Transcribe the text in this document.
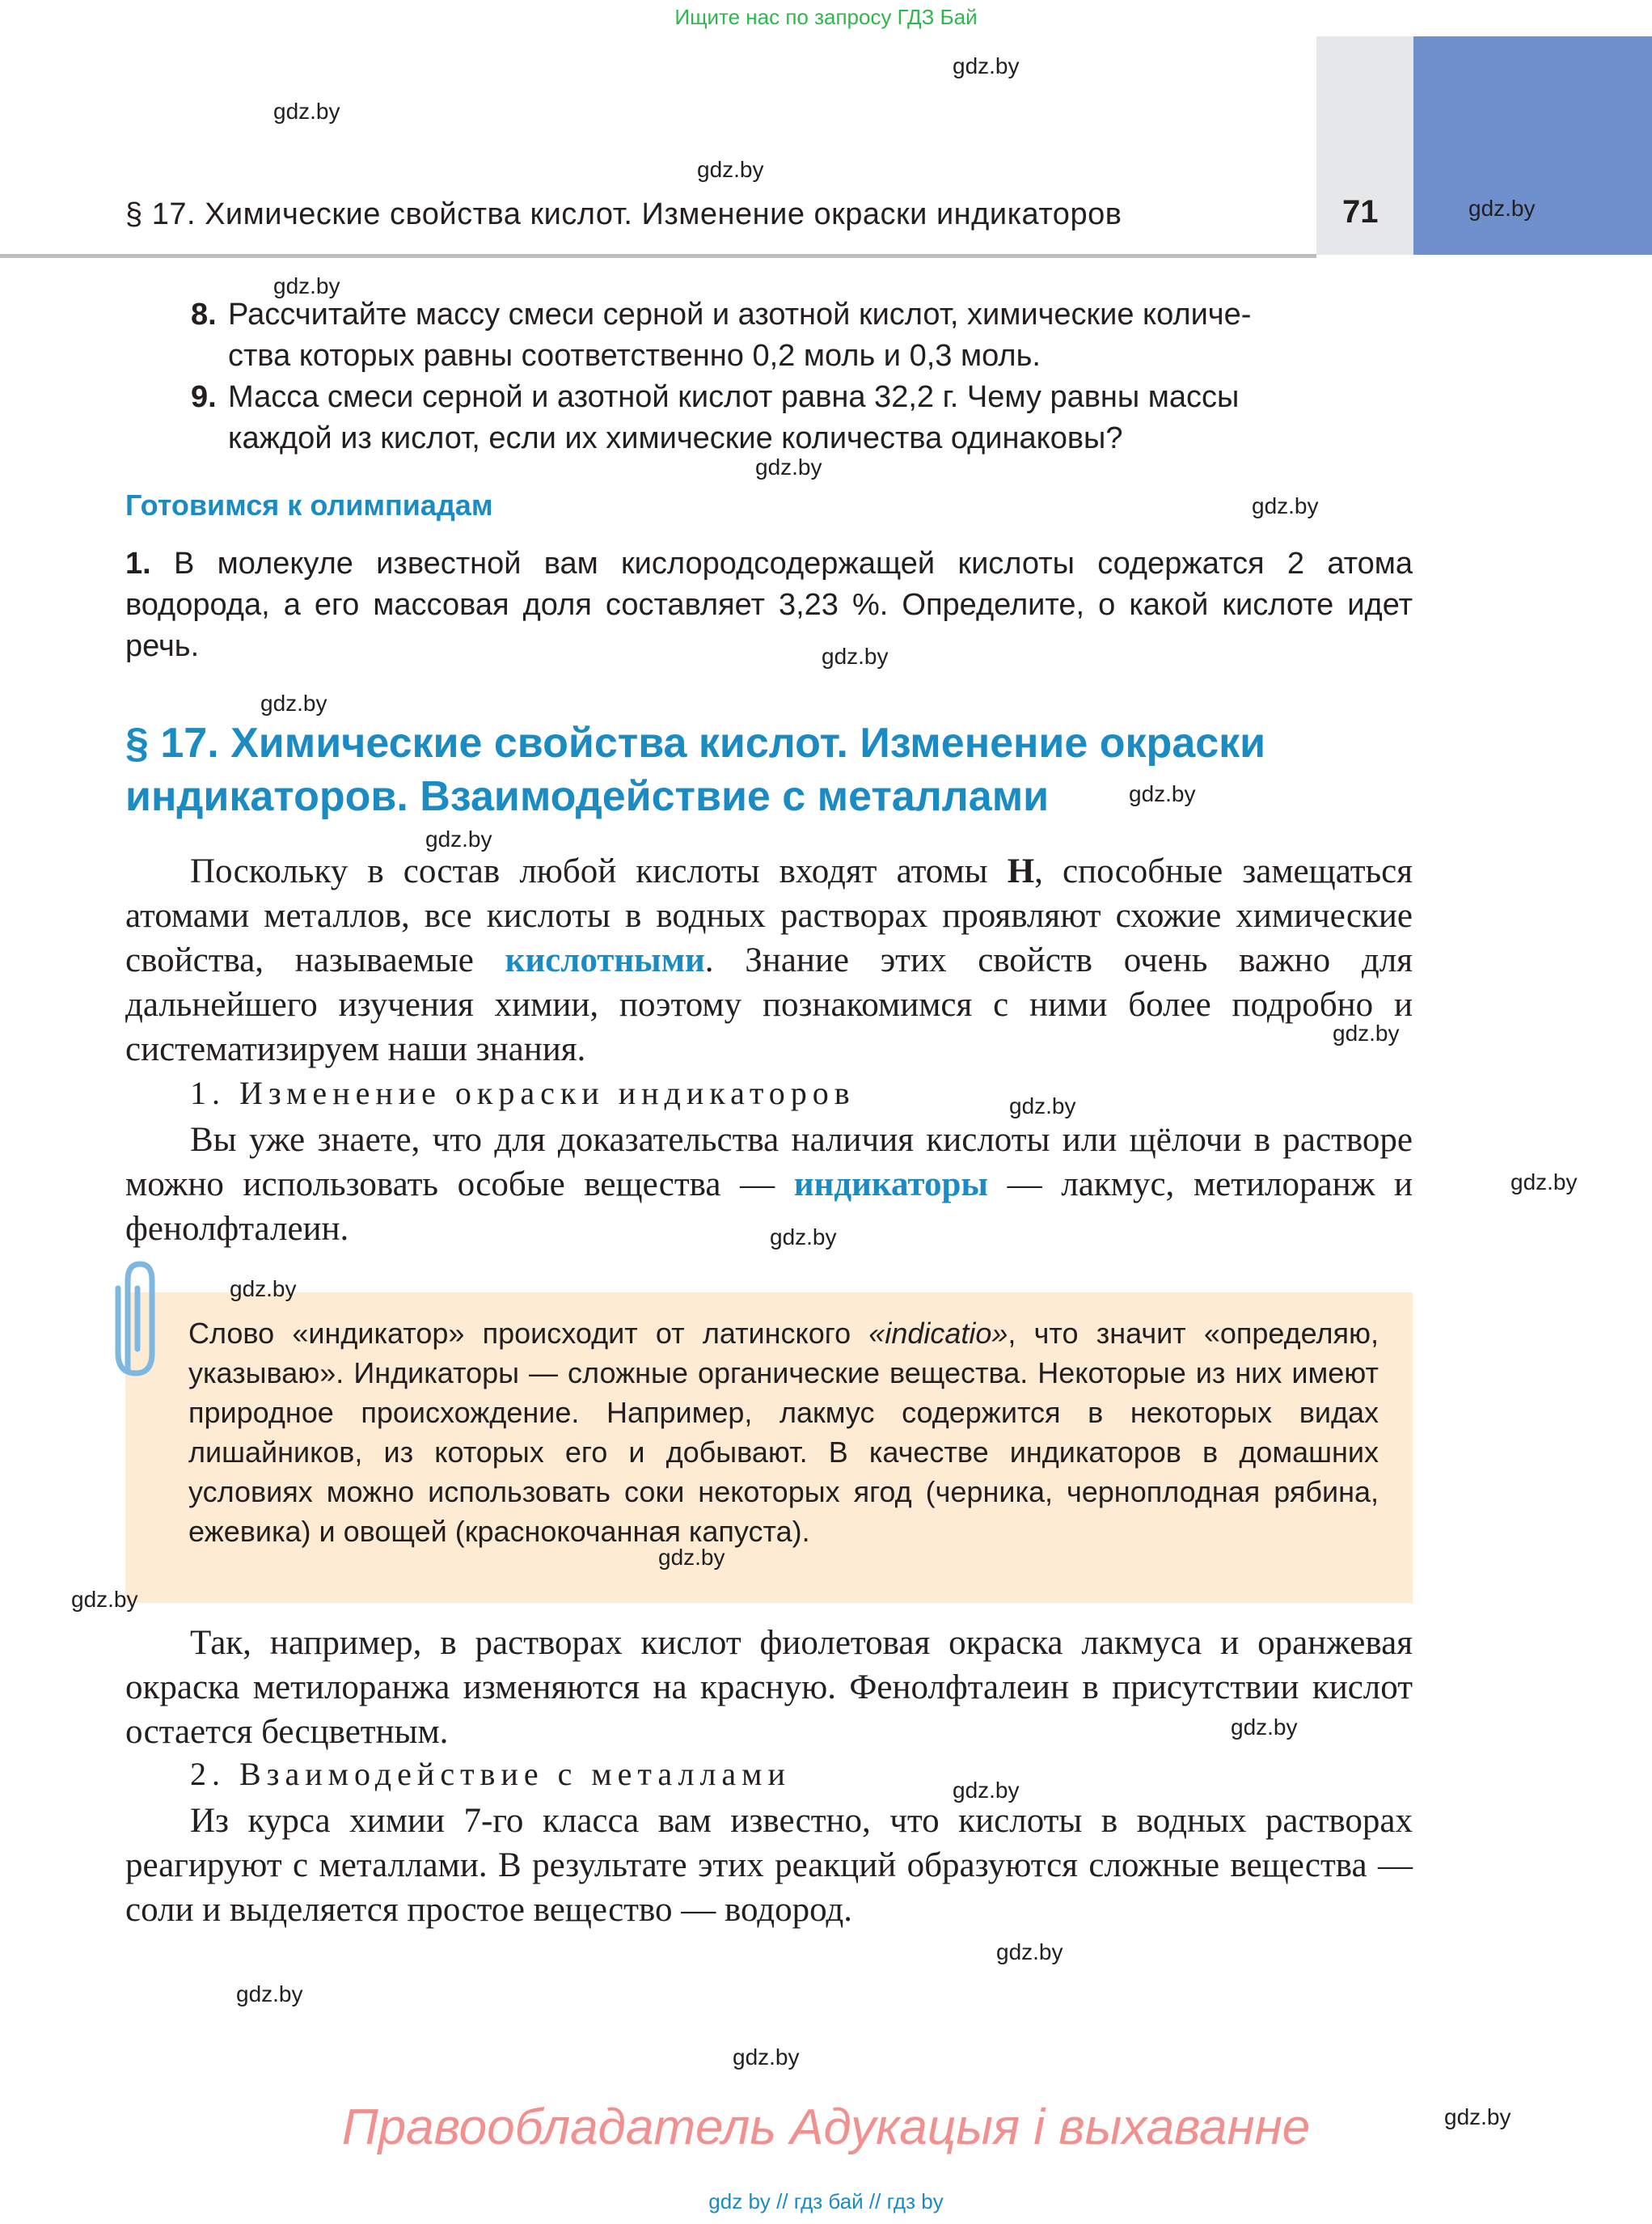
Ищите нас по запросу ГДЗ Бай
§ 17. Химические свойства кислот. Изменение окраски индикаторов	71
8. Рассчитайте массу смеси серной и азотной кислот, химические количе-
ства которых равны соответственно 0,2 моль и 0,3 моль.
9. Масса смеси серной и азотной кислот равна 32,2 г. Чему равны массы
каждой из кислот, если их химические количества одинаковы?
Готовимся к олимпиадам
1. В молекуле известной вам кислородсодержащей кислоты содержатся 2 атома водорода, а его массовая доля составляет 3,23 %. Определите, о какой кислоте идет речь.
§ 17. Химические свойства кислот. Изменение окраски
индикаторов. Взаимодействие с металлами
Поскольку в состав любой кислоты входят атомы H, способные замещаться атомами металлов, все кислоты в водных растворах проявляют схожие химические свойства, называемые кислотными. Знание этих свойств очень важно для дальнейшего изучения химии, поэтому познакомимся с ними более подробно и систематизируем наши знания.
1. Изменение окраски индикаторов
Вы уже знаете, что для доказательства наличия кислоты или щёлочи в растворе можно использовать особые вещества — индикаторы — лакмус, метилоранж и фенолфталеин.
Слово «индикатор» происходит от латинского «indicatio», что значит «определяю, указываю». Индикаторы — сложные органические вещества. Некоторые из них имеют природное происхождение. Например, лакмус содержится в некоторых видах лишайников, из которых его и добывают. В качестве индикаторов в домашних условиях можно использовать соки некоторых ягод (черника, черноплодная рябина, ежевика) и овощей (краснокочанная капуста).
Так, например, в растворах кислот фиолетовая окраска лакмуса и оранжевая окраска метилоранжа изменяются на красную. Фенолфталеин в присутствии кислот остается бесцветным.
2. Взаимодействие с металлами
Из курса химии 7-го класса вам известно, что кислоты в водных растворах реагируют с металлами. В результате этих реакций образуются сложные вещества — соли и выделяется простое вещество — водород.
gdz.by
gdz.by
gdz.by
gdz.by
gdz.by
gdz.by
gdz.by
gdz.by
gdz.by
gdz.by
gdz.by
gdz.by
gdz.by
gdz.by
gdz.by
gdz.by
gdz.by
gdz.by
gdz.by
gdz.by
gdz.by
gdz.by
gdz.by
gdz.by
Правообладатель Адукацыя і выхаванне
gdz by // гдз бай // гдз by
